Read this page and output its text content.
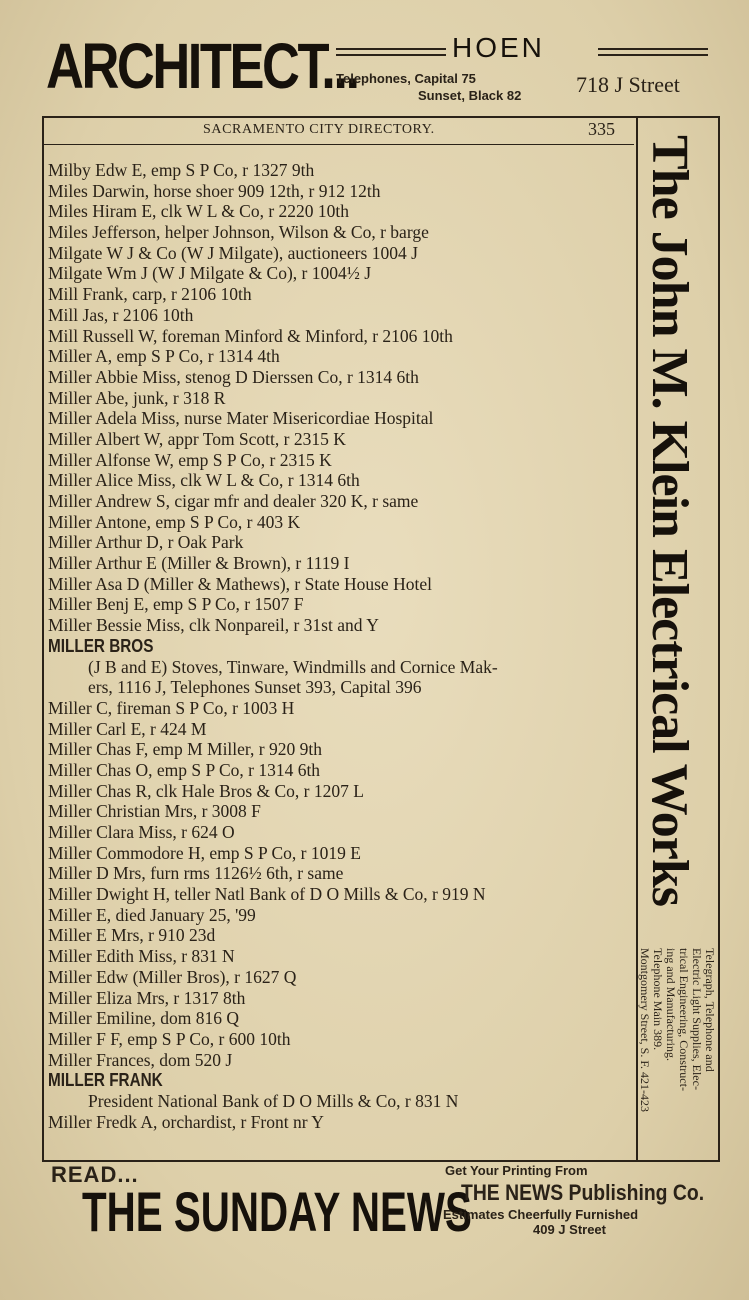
ARCHITECT...	HOEN
Telephones, Capital 75
Sunset, Black 82 718 J Street
SACRAMENTO CITY DIRECTORY.	335
Milby Edw E, emp S P Co, r 1327 9th
Miles Darwin, horse shoer 909 12th, r 912 12th
Miles Hiram E, clk W L & Co, r 2220 10th
Miles Jefferson, helper Johnson, Wilson & Co, r barge
Milgate W J & Co (W J Milgate), auctioneers 1004 J
Milgate Wm J (W J Milgate & Co), r 1004½ J
Mill Frank, carp, r 2106 10th
Mill Jas, r 2106 10th
Mill Russell W, foreman Minford & Minford, r 2106 10th
Miller A, emp S P Co, r 1314 4th
Miller Abbie Miss, stenog D Dierssen Co, r 1314 6th
Miller Abe, junk, r 318 R
Miller Adela Miss, nurse Mater Misericordiae Hospital
Miller Albert W, appr Tom Scott, r 2315 K
Miller Alfonse W, emp S P Co, r 2315 K
Miller Alice Miss, clk W L & Co, r 1314 6th
Miller Andrew S, cigar mfr and dealer 320 K, r same
Miller Antone, emp S P Co, r 403 K
Miller Arthur D, r Oak Park
Miller Arthur E (Miller & Brown), r 1119 I
Miller Asa D (Miller & Mathews), r State House Hotel
Miller Benj E, emp S P Co, r 1507 F
Miller Bessie Miss, clk Nonpareil, r 31st and Y
MILLER BROS
(J B and E) Stoves, Tinware, Windmills and Cornice Mak-
ers, 1116 J, Telephones Sunset 393, Capital 396
Miller C, fireman S P Co, r 1003 H
Miller Carl E, r 424 M
Miller Chas F, emp M Miller, r 920 9th
Miller Chas O, emp S P Co, r 1314 6th
Miller Chas R, clk Hale Bros & Co, r 1207 L
Miller Christian Mrs, r 3008 F
Miller Clara Miss, r 624 O
Miller Commodore H, emp S P Co, r 1019 E
Miller D Mrs, furn rms 1126½ 6th, r same
Miller Dwight H, teller Natl Bank of D O Mills & Co, r 919 N
Miller E, died January 25, '99
Miller E Mrs, r 910 23d
Miller Edith Miss, r 831 N
Miller Edw (Miller Bros), r 1627 Q
Miller Eliza Mrs, r 1317 8th
Miller Emiline, dom 816 Q
Miller F F, emp S P Co, r 600 10th
Miller Frances, dom 520 J
MILLER FRANK
President National Bank of D O Mills & Co, r 831 N
Miller Fredk A, orchardist, r Front nr Y
The John M. Klein Electrical Works
Telegraph, Telephone and
Electric Light Supplies, Elec-
trical Engineering, Construct-
ing and Manufacturing.
Telephone Main 389.
Montgomery Street, S. F. 421-423
READ...
THE SUNDAY NEWS
Get Your Printing From
THE NEWS Publishing Co.
Estimates Cheerfully Furnished
409 J Street
